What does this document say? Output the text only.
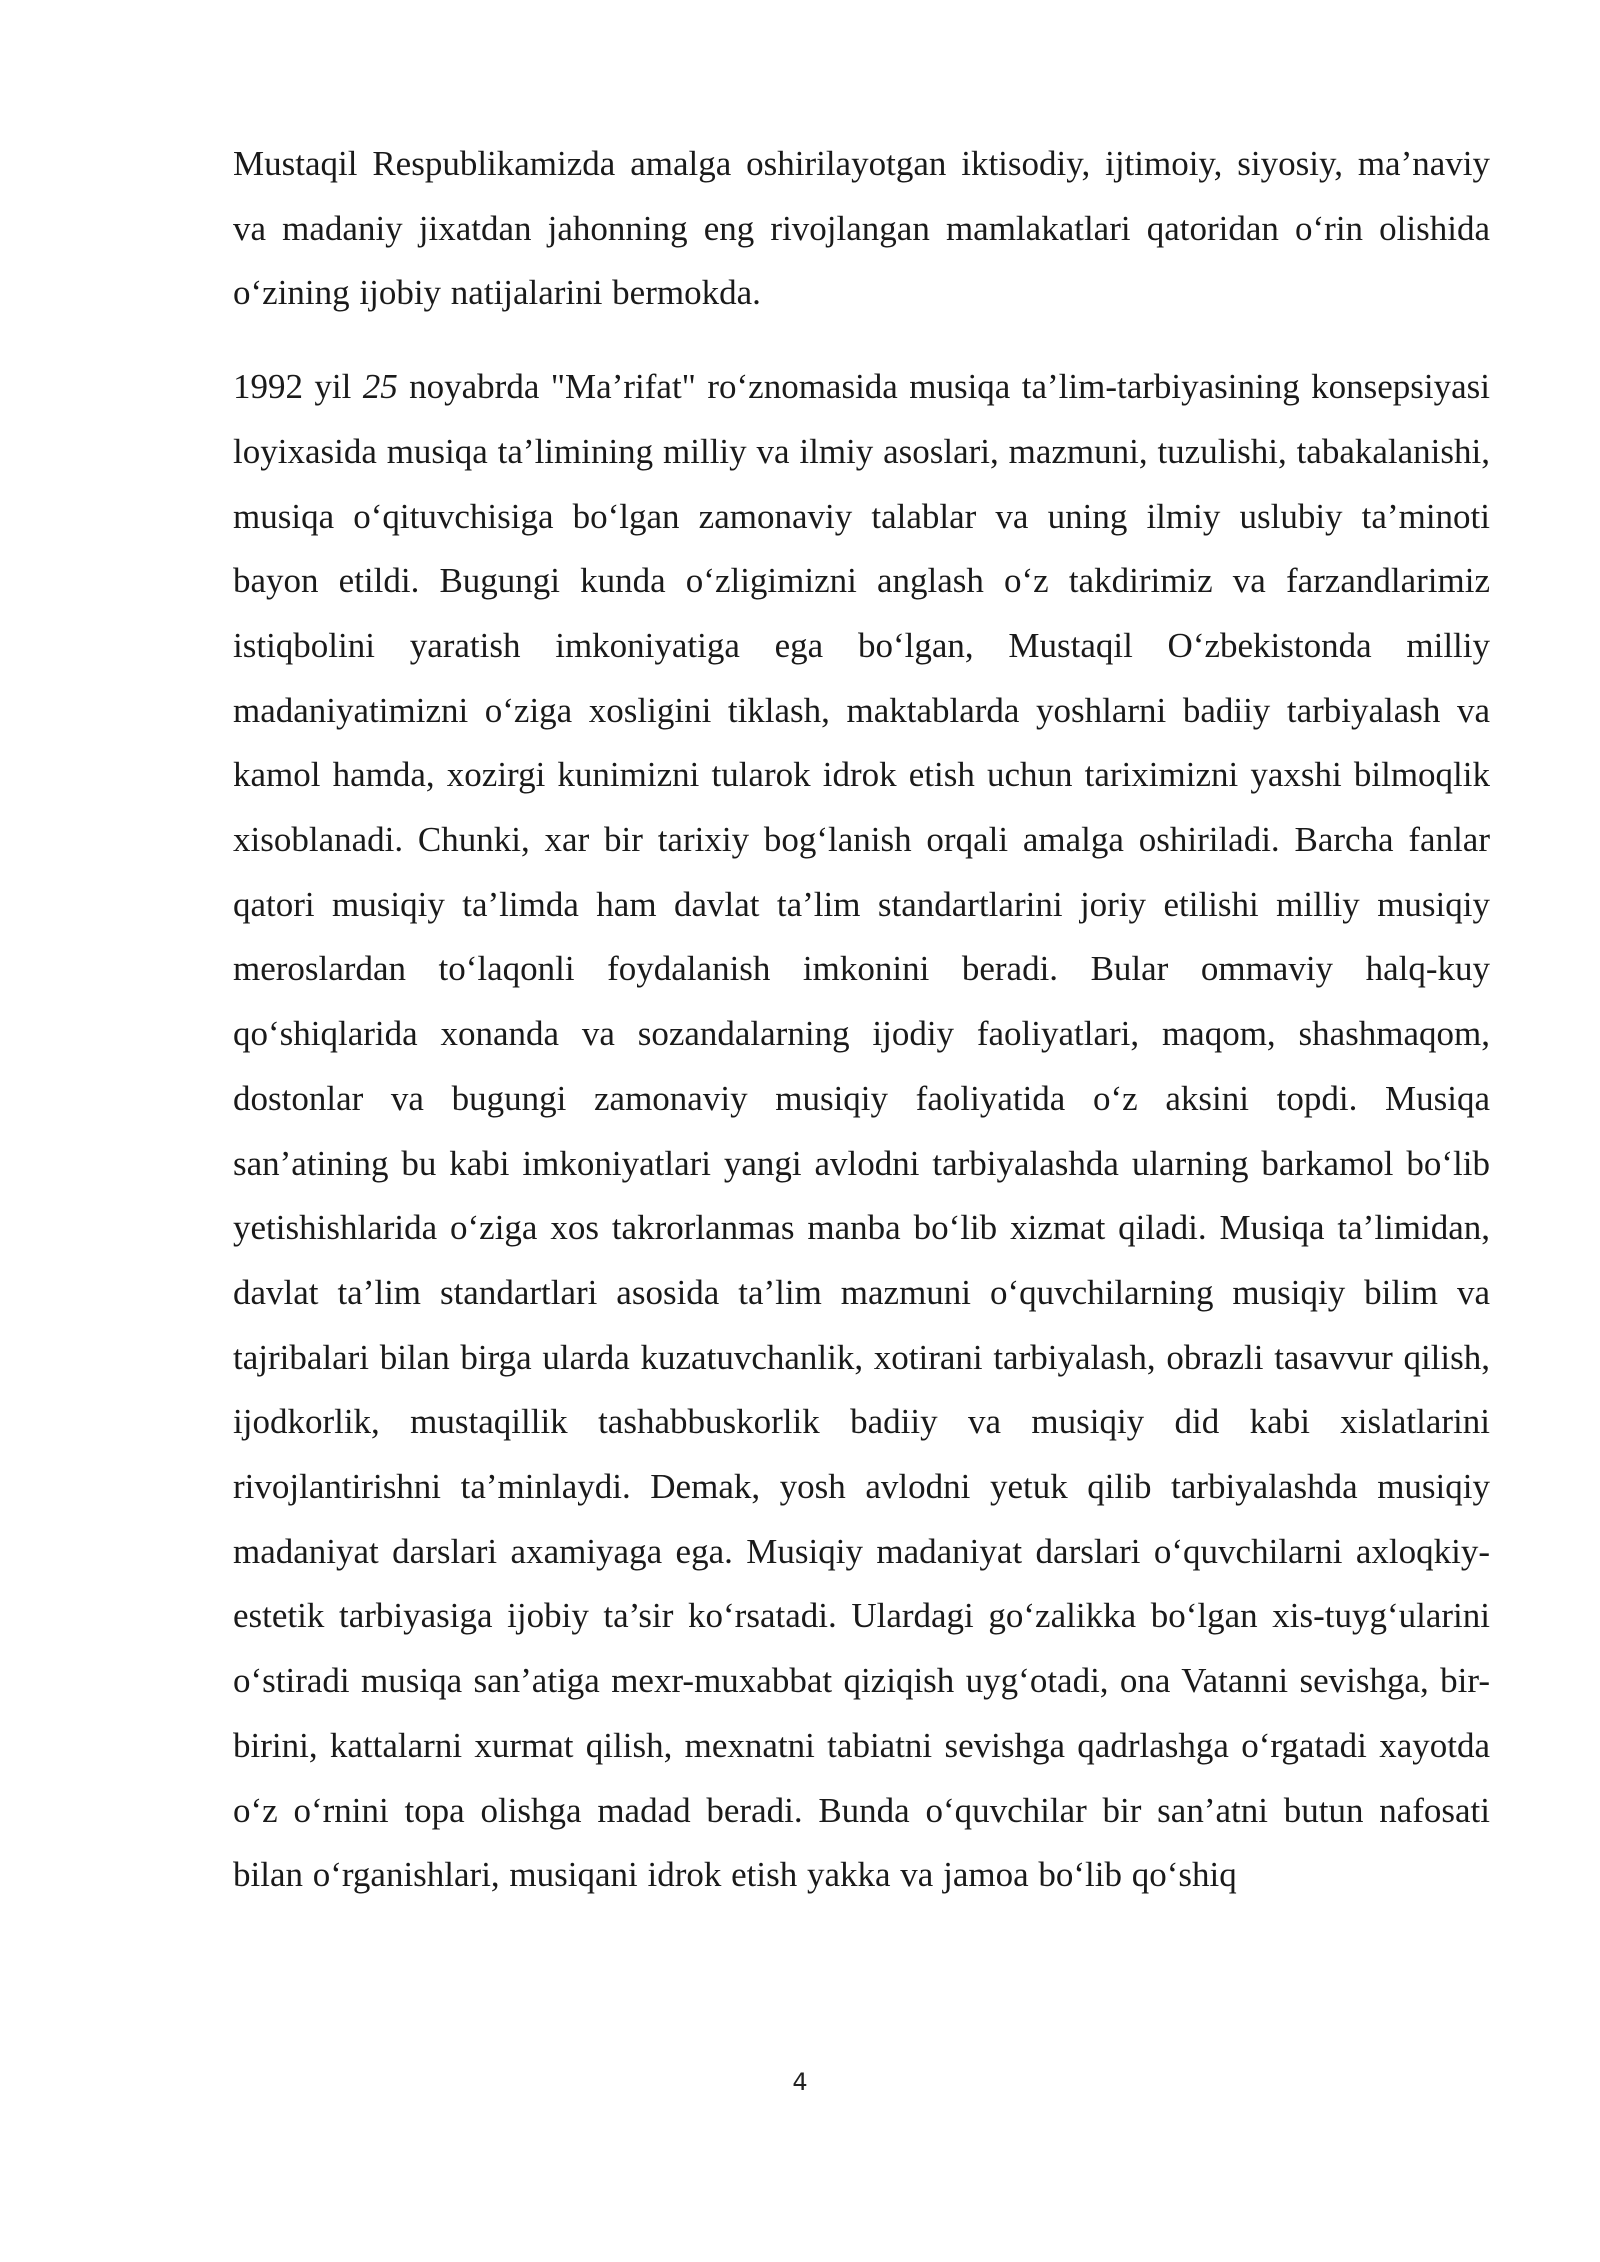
Mustaqil Respublikamizda amalga oshirilayotgan iktisodiy, ijtimoiy, siyosiy, ma’naviy va madaniy jixatdan jahonning eng rivojlangan mamlakatlari qatoridan o‘rin olishida o‘zining ijobiy natijalarini bermokda.

1992 yil 25 noyabrda "Ma’rifat" ro‘znomasida musiqa ta’lim-tarbiyasining konsepsiyasi loyixasida musiqa ta’limining milliy va ilmiy asoslari, mazmuni, tuzulishi, tabakalanishi, musiqa o‘qituvchisiga bo‘lgan zamonaviy talablar va uning ilmiy uslubiy ta’minoti bayon etildi. Bugungi kunda o‘zligimizni anglash o‘z takdirimiz va farzandlarimiz istiqbolini yaratish imkoniyatiga ega bo‘lgan, Mustaqil O‘zbekistonda milliy madaniyatimizni o‘ziga xosligini tiklash, maktablarda yoshlarni badiiy tarbiyalash va kamol hamda, xozirgi kunimizni tularok idrok etish uchun tariximizni yaxshi bilmoqlik xisoblanadi. Chunki, xar bir tarixiy bog‘lanish orqali amalga oshiriladi. Barcha fanlar qatori musiqiy ta’limda ham davlat ta’lim standartlarini joriy etilishi milliy musiqiy meroslardan to‘laqonli foydalanish imkonini beradi. Bular ommaviy halq-kuy qo‘shiqlarida xonanda va sozandalarning ijodiy faoliyatlari, maqom, shashmaqom, dostonlar va bugungi zamonaviy musiqiy faoliyatida o‘z aksini topdi. Musiqa san’atining bu kabi imkoniyatlari yangi avlodni tarbiyalashda ularning barkamol bo‘lib yetishishlarida o‘ziga xos takrorlanmas manba bo‘lib xizmat qiladi. Musiqa ta’limidan, davlat ta’lim standartlari asosida ta’lim mazmuni o‘quvchilarning musiqiy bilim va tajribalari bilan birga ularda kuzatuvchanlik, xotirani tarbiyalash, obrazli tasavvur qilish, ijodkorlik, mustaqillik tashabbuskorlik badiiy va musiqiy did kabi xislatlarini rivojlantirishni ta’minlaydi. Demak, yosh avlodni yetuk qilib tarbiyalashda musiqiy madaniyat darslari axamiyaga ega. Musiqiy madaniyat darslari o‘quvchilarni axloqkiy-estetik tarbiyasiga ijobiy ta’sir ko‘rsatadi. Ulardagi go‘zalikka bo‘lgan xis-tuyg‘ularini o‘stiradi musiqa san’atiga mexr-muxabbat qiziqish uyg‘otadi, ona Vatanni sevishga, bir-birini, kattalarni xurmat qilish, mexnatni tabiatni sevishga qadrlashga o‘rgatadi xayotda o‘z o‘rnini topa olishga madad beradi. Bunda o‘quvchilar bir san’atni butun nafosati bilan o‘rganishlari, musiqani idrok etish yakka va jamoa bo‘lib qo‘shiq

4
